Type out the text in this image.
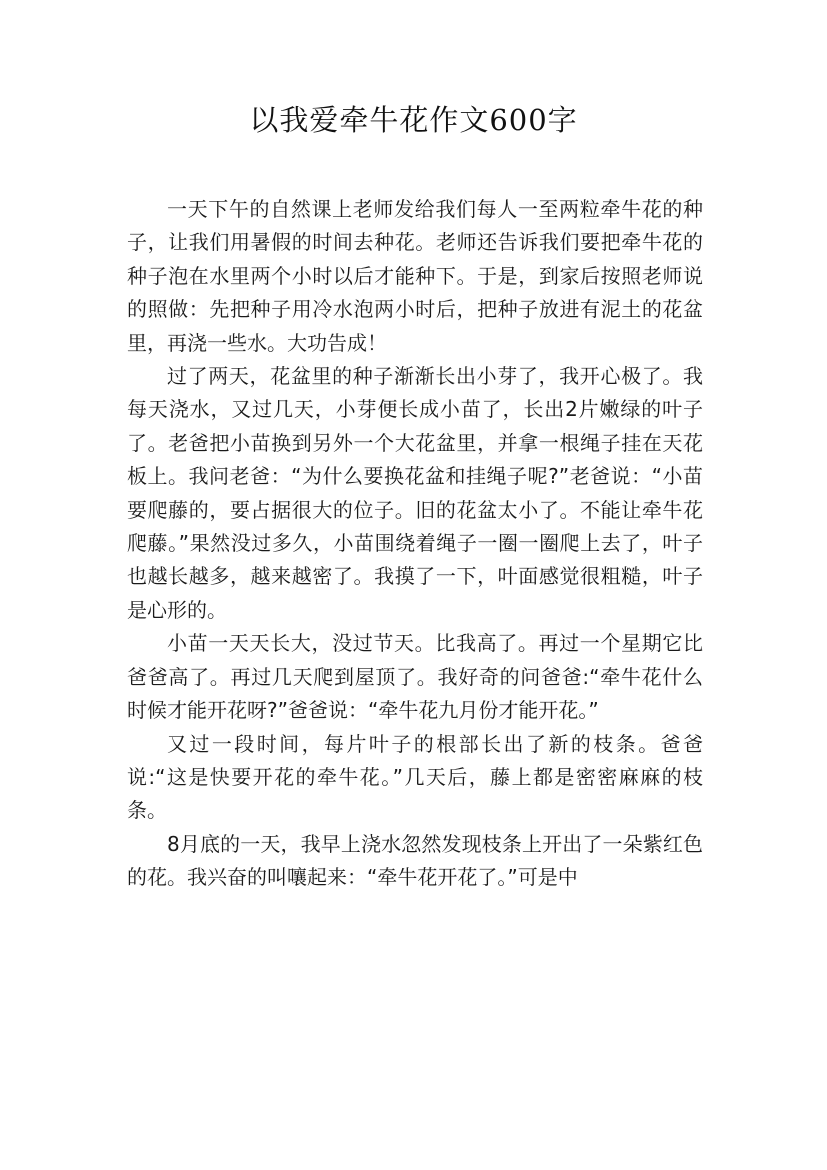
以我爱牵牛花作文600字

一天下午的自然课上老师发给我们每人一至两粒牵牛花的种子，让我们用暑假的时间去种花。老师还告诉我们要把牵牛花的种子泡在水里两个小时以后才能种下。于是，到家后按照老师说的照做：先把种子用冷水泡两小时后，把种子放进有泥土的花盆里，再浇一些水。大功告成！

过了两天，花盆里的种子渐渐长出小芽了，我开心极了。我每天浇水，又过几天，小芽便长成小苗了，长出2片嫩绿的叶子了。老爸把小苗换到另外一个大花盆里，并拿一根绳子挂在天花板上。我问老爸：“为什么要换花盆和挂绳子呢?”老爸说：“小苗要爬藤的，要占据很大的位子。旧的花盆太小了。不能让牵牛花爬藤。”果然没过多久，小苗围绕着绳子一圈一圈爬上去了，叶子也越长越多，越来越密了。我摸了一下，叶面感觉很粗糙，叶子是心形的。

小苗一天天长大，没过节天。比我高了。再过一个星期它比爸爸高了。再过几天爬到屋顶了。我好奇的问爸爸:“牵牛花什么时候才能开花呀?”爸爸说：“牵牛花九月份才能开花。”

又过一段时间，每片叶子的根部长出了新的枝条。爸爸说:“这是快要开花的牵牛花。”几天后，藤上都是密密麻麻的枝条。

8月底的一天，我早上浇水忽然发现枝条上开出了一朵紫红色的花。我兴奋的叫嚷起来：“牵牛花开花了。”可是中
